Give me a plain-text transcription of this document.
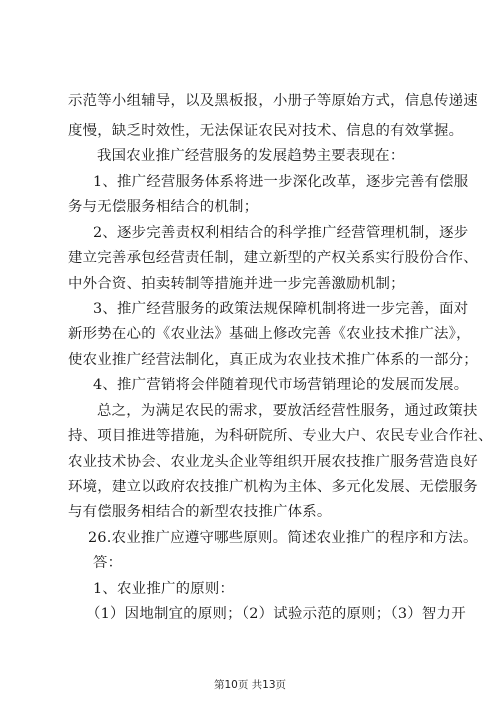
示范等小组辅导，以及黑板报，小册子等原始方式，信息传递速
度慢，缺乏时效性，无法保证农民对技术、信息的有效掌握。
我国农业推广经营服务的发展趋势主要表现在：
1、推广经营服务体系将进一步深化改革，逐步完善有偿服
务与无偿服务相结合的机制；
2、逐步完善责权利相结合的科学推广经营管理机制，逐步
建立完善承包经营责任制，建立新型的产权关系实行股份合作、
中外合资、拍卖转制等措施并进一步完善激励机制；
3、推广经营服务的政策法规保障机制将进一步完善，面对
新形势在心的《农业法》基础上修改完善《农业技术推广法》，
使农业推广经营法制化，真正成为农业技术推广体系的一部分；
4、推广营销将会伴随着现代市场营销理论的发展而发展。
总之，为满足农民的需求，要放活经营性服务，通过政策扶
持、项目推进等措施，为科研院所、专业大户、农民专业合作社、
农业技术协会、农业龙头企业等组织开展农技推广服务营造良好
环境，建立以政府农技推广机构为主体、多元化发展、无偿服务
与有偿服务相结合的新型农技推广体系。
26.农业推广应遵守哪些原则。简述农业推广的程序和方法。
答：
1、农业推广的原则：
（1）因地制宜的原则；（2）试验示范的原则；（3）智力开
第10页 共13页
